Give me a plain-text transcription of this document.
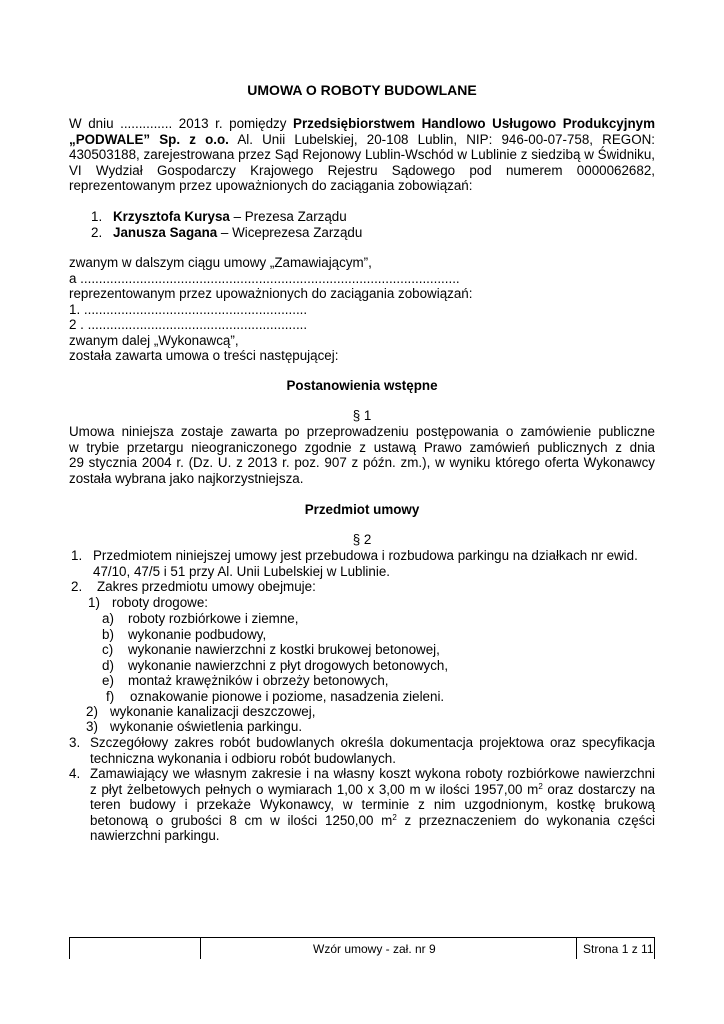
UMOWA O ROBOTY BUDOWLANE
W dniu .............. 2013 r. pomiędzy Przedsiębiorstwem Handlowo Usługowo Produkcyjnym
„PODWALE” Sp. z o.o. Al. Unii Lubelskiej, 20-108 Lublin, NIP: 946-00-07-758, REGON:
430503188, zarejestrowana przez Sąd Rejonowy Lublin-Wschód w Lublinie z siedzibą w Świdniku,
VI Wydział Gospodarczy Krajowego Rejestru Sądowego pod numerem 0000062682,
reprezentowanym przez upoważnionych do zaciągania zobowiązań:
1. Krzysztofa Kurysa – Prezesa Zarządu
2. Janusza Sagana – Wiceprezesa Zarządu
zwanym w dalszym ciągu umowy „Zamawiającym”,
a ......................................................................................................
reprezentowanym przez upoważnionych do zaciągania zobowiązań:
1. ............................................................
2 . ...........................................................
zwanym dalej „Wykonawcą”,
została zawarta umowa o treści następującej:
Postanowienia wstępne
§ 1
Umowa niniejsza zostaje zawarta po przeprowadzeniu postępowania o zamówienie publiczne
w trybie przetargu nieograniczonego zgodnie z ustawą Prawo zamówień publicznych z dnia
29 stycznia 2004 r. (Dz. U. z 2013 r. poz. 907 z późn. zm.), w wyniku którego oferta Wykonawcy
została wybrana jako najkorzystniejsza.
Przedmiot umowy
§ 2
1. Przedmiotem niniejszej umowy jest przebudowa i rozbudowa parkingu na działkach nr ewid.
47/10, 47/5 i 51 przy Al. Unii Lubelskiej w Lublinie.
2. Zakres przedmiotu umowy obejmuje:
1) roboty drogowe:
a) roboty rozbiórkowe i ziemne,
b) wykonanie podbudowy,
c) wykonanie nawierzchni z kostki brukowej betonowej,
d) wykonanie nawierzchni z płyt drogowych betonowych,
e) montaż krawężników i obrzeży betonowych,
f) oznakowanie pionowe i poziome, nasadzenia zieleni.
2) wykonanie kanalizacji deszczowej,
3) wykonanie oświetlenia parkingu.
3. Szczegółowy zakres robót budowlanych określa dokumentacja projektowa oraz specyfikacja
techniczna wykonania i odbioru robót budowlanych.
4. Zamawiający we własnym zakresie i na własny koszt wykona roboty rozbiórkowe nawierzchni
z płyt żelbetowych pełnych o wymiarach 1,00 x 3,00 m w ilości 1957,00 $m^2$ oraz dostarczy na
teren budowy i przekaże Wykonawcy, w terminie z nim uzgodnionym, kostkę brukową
betonową o grubości 8 cm w ilości 1250,00 $m^2$ z przeznaczeniem do wykonania części
nawierzchni parkingu.
Wzór umowy - zał. nr 9	Strona 1 z 11
